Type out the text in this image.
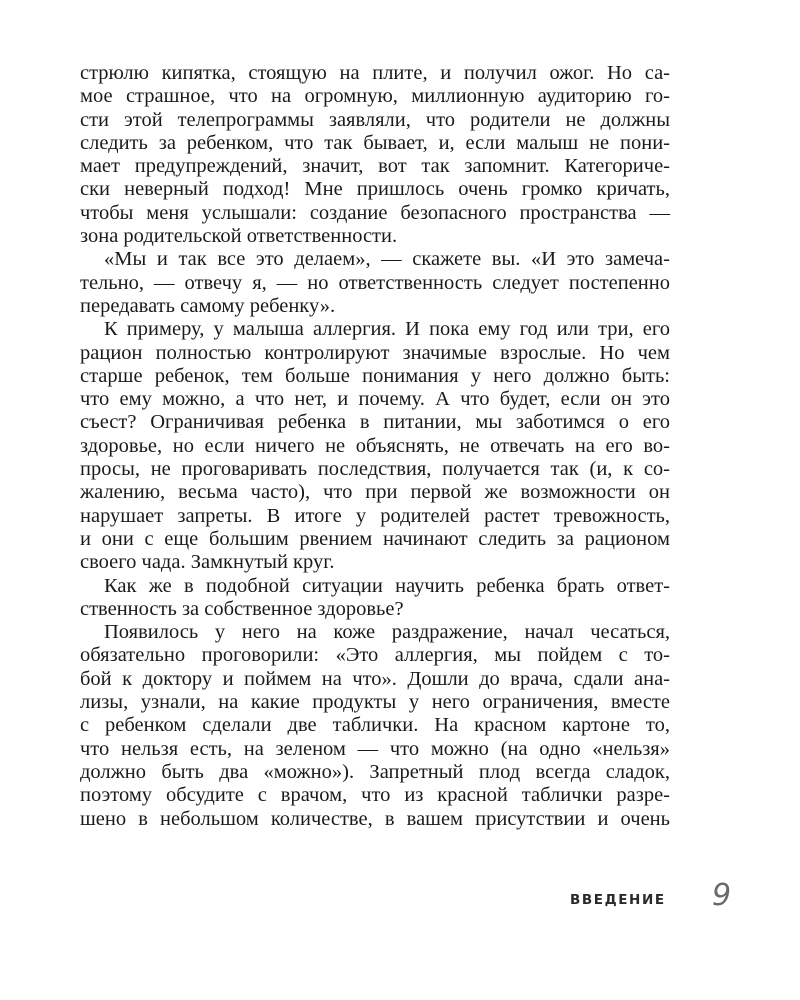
стрюлю кипятка, стоящую на плите, и получил ожог. Но са-
мое страшное, что на огромную, миллионную аудиторию го-
сти этой телепрограммы заявляли, что родители не должны
следить за ребенком, что так бывает, и, если малыш не пони-
мает предупреждений, значит, вот так запомнит. Категориче-
ски неверный подход! Мне пришлось очень громко кричать,
чтобы меня услышали: создание безопасного пространства —
зона родительской ответственности.
«Мы и так все это делаем», — скажете вы. «И это замеча-
тельно, — отвечу я, — но ответственность следует постепенно
передавать самому ребенку».
К примеру, у малыша аллергия. И пока ему год или три, его
рацион полностью контролируют значимые взрослые. Но чем
старше ребенок, тем больше понимания у него должно быть:
что ему можно, а что нет, и почему. А что будет, если он это
съест? Ограничивая ребенка в питании, мы заботимся о его
здоровье, но если ничего не объяснять, не отвечать на его во-
просы, не проговаривать последствия, получается так (и, к со-
жалению, весьма часто), что при первой же возможности он
нарушает запреты. В итоге у родителей растет тревожность,
и они с еще большим рвением начинают следить за рационом
своего чада. Замкнутый круг.
Как же в подобной ситуации научить ребенка брать ответ-
ственность за собственное здоровье?
Появилось у него на коже раздражение, начал чесаться,
обязательно проговорили: «Это аллергия, мы пойдем с то-
бой к доктору и поймем на что». Дошли до врача, сдали ана-
лизы, узнали, на какие продукты у него ограничения, вместе
с ребенком сделали две таблички. На красном картоне то,
что нельзя есть, на зеленом — что можно (на одно «нельзя»
должно быть два «можно»). Запретный плод всегда сладок,
поэтому обсудите с врачом, что из красной таблички разре-
шено в небольшом количестве, в вашем присутствии и очень
ВВЕДЕНИЕ 9
